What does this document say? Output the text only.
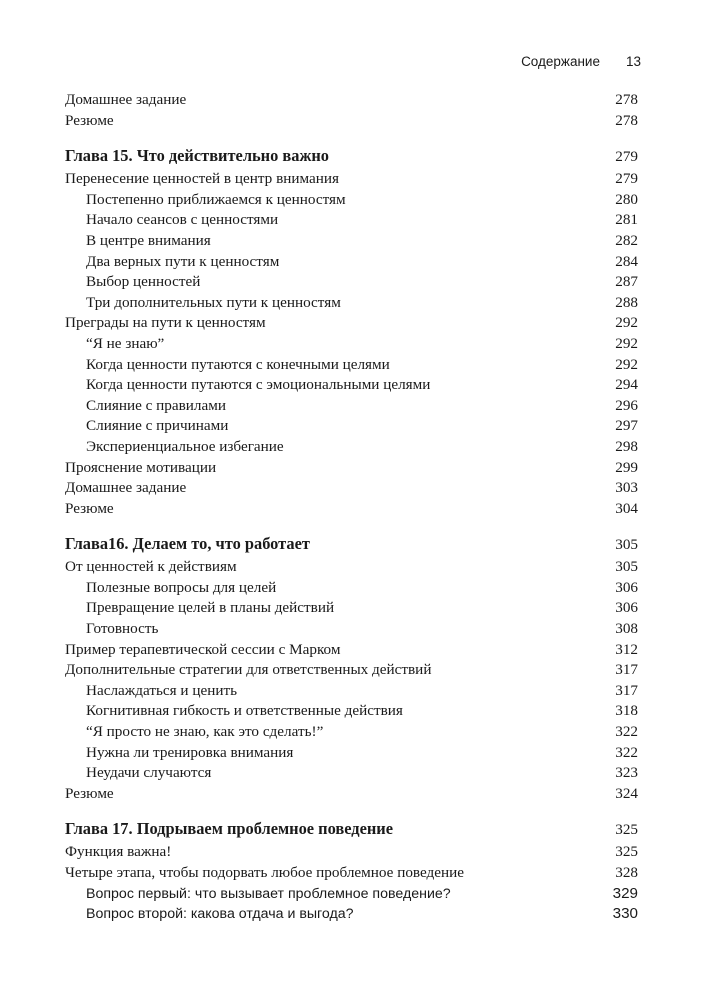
Содержание 13
Домашнее задание	278
Резюме	278
Глава 15. Что действительно важно	279
Перенесение ценностей в центр внимания	279
Постепенно приближаемся к ценностям	280
Начало сеансов с ценностями	281
В центре внимания	282
Два верных пути к ценностям	284
Выбор ценностей	287
Три дополнительных пути к ценностям	288
Преграды на пути к ценностям	292
“Я не знаю”	292
Когда ценности путаются с конечными целями	292
Когда ценности путаются с эмоциональными целями	294
Слияние с правилами	296
Слияние с причинами	297
Экспериенциальное избегание	298
Прояснение мотивации	299
Домашнее задание	303
Резюме	304
Глава16. Делаем то, что работает	305
От ценностей к действиям	305
Полезные вопросы для целей	306
Превращение целей в планы действий	306
Готовность	308
Пример терапевтической сессии с Марком	312
Дополнительные стратегии для ответственных действий	317
Наслаждаться и ценить	317
Когнитивная гибкость и ответственные действия	318
“Я просто не знаю, как это сделать!”	322
Нужна ли тренировка внимания	322
Неудачи случаются	323
Резюме	324
Глава 17. Подрываем проблемное поведение	325
Функция важна!	325
Четыре этапа, чтобы подорвать любое проблемное поведение	328
Вопрос первый: что вызывает проблемное поведение?	329
Вопрос второй: какова отдача и выгода?	330
